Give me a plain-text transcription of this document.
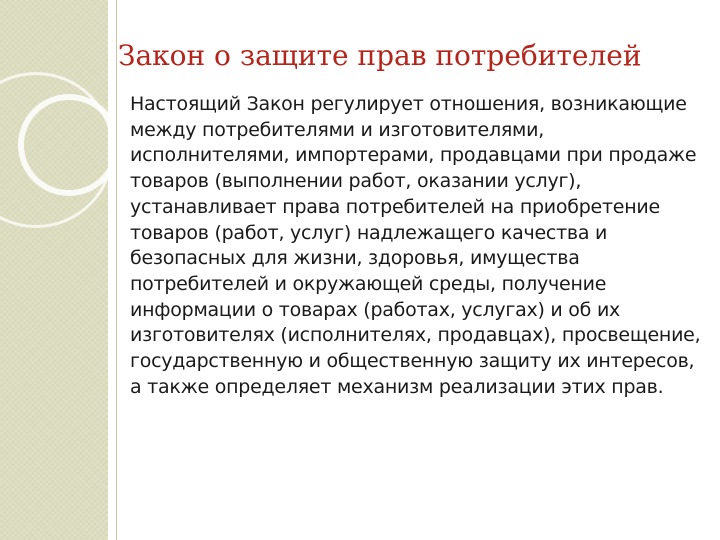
Закон о защите прав потребителей

Настоящий Закон регулирует отношения, возникающие между потребителями и изготовителями, исполнителями, импортерами, продавцами при продаже товаров (выполнении работ, оказании услуг), устанавливает права потребителей на приобретение товаров (работ, услуг) надлежащего качества и безопасных для жизни, здоровья, имущества потребителей и окружающей среды, получение информации о товарах (работах, услугах) и об их изготовителях (исполнителях, продавцах), просвещение, государственную и общественную защиту их интересов, а также определяет механизм реализации этих прав.
